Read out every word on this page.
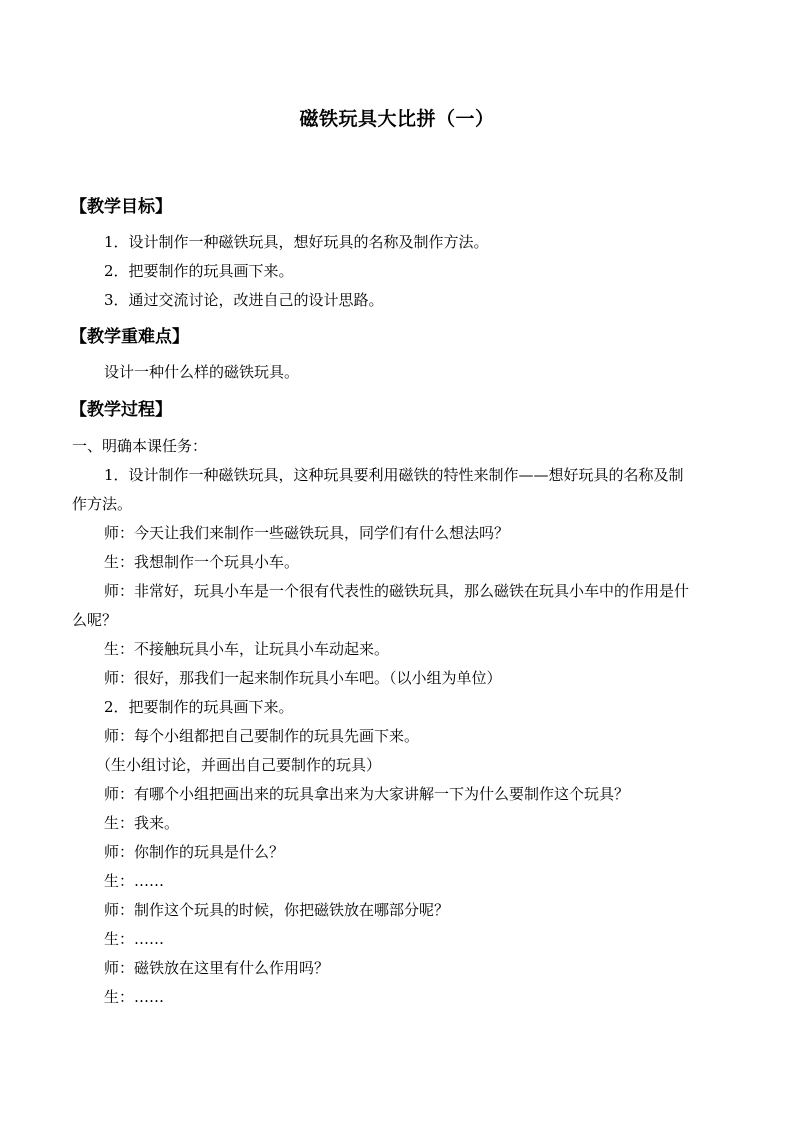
磁铁玩具大比拼（一）
【教学目标】
1．设计制作一种磁铁玩具，想好玩具的名称及制作方法。
2．把要制作的玩具画下来。
3．通过交流讨论，改进自己的设计思路。
【教学重难点】
设计一种什么样的磁铁玩具。
【教学过程】
一、明确本课任务：
1．设计制作一种磁铁玩具，这种玩具要利用磁铁的特性来制作——想好玩具的名称及制
作方法。
师：今天让我们来制作一些磁铁玩具，同学们有什么想法吗？
生：我想制作一个玩具小车。
师：非常好，玩具小车是一个很有代表性的磁铁玩具，那么磁铁在玩具小车中的作用是什
么呢？
生：不接触玩具小车，让玩具小车动起来。
师：很好，那我们一起来制作玩具小车吧。（以小组为单位）
2．把要制作的玩具画下来。
师：每个小组都把自己要制作的玩具先画下来。
（生小组讨论，并画出自己要制作的玩具）
师：有哪个小组把画出来的玩具拿出来为大家讲解一下为什么要制作这个玩具？
生：我来。
师：你制作的玩具是什么？
生：……
师：制作这个玩具的时候，你把磁铁放在哪部分呢？
生：……
师：磁铁放在这里有什么作用吗？
生：……
